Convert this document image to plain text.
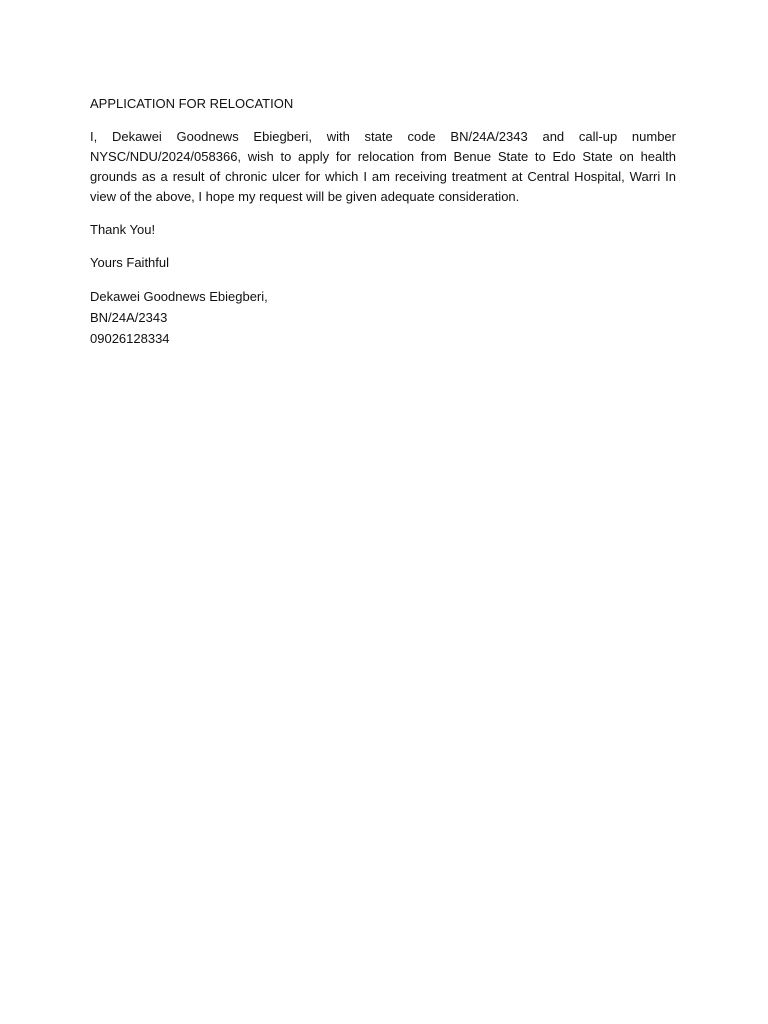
APPLICATION FOR RELOCATION

I, Dekawei Goodnews Ebiegberi, with state code BN/24A/2343 and call-up number NYSC/NDU/2024/058366, wish to apply for relocation from Benue State to Edo State on health grounds as a result of chronic ulcer for which I am receiving treatment at Central Hospital, Warri In view of the above, I hope my request will be given adequate consideration.

Thank You!

Yours Faithful

Dekawei Goodnews Ebiegberi,
BN/24A/2343
09026128334
